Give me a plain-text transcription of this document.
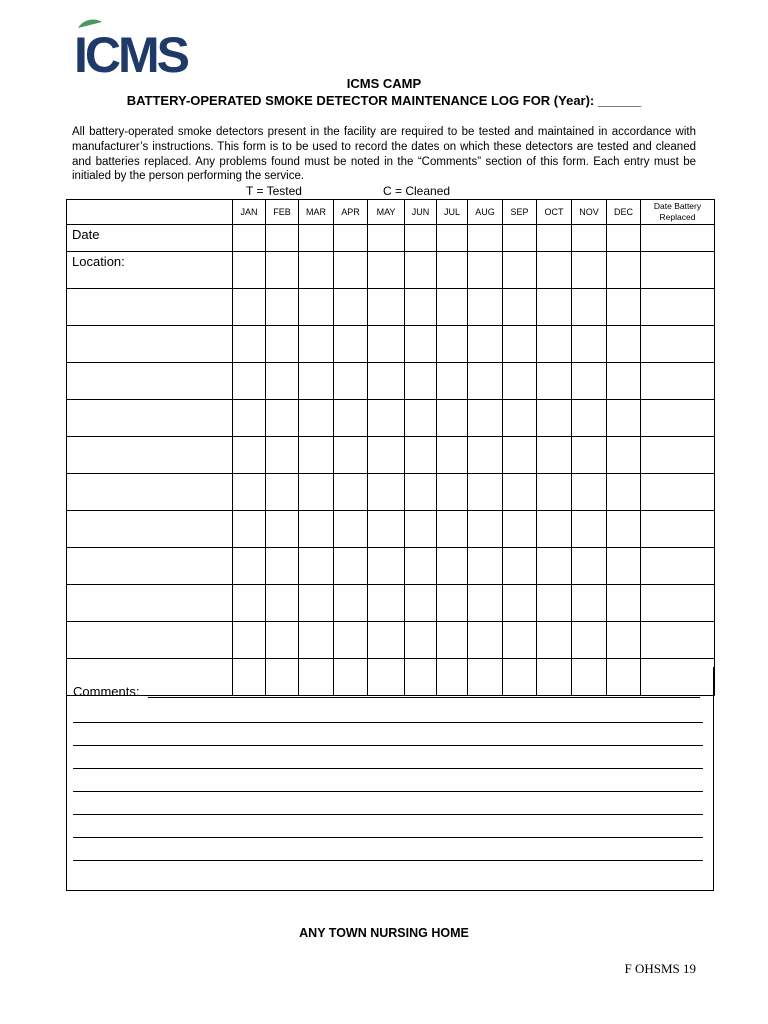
ICMS
ICMS CAMP
BATTERY-OPERATED SMOKE DETECTOR MAINTENANCE LOG FOR (Year): ______
All battery-operated smoke detectors present in the facility are required to be tested and maintained in accordance with manufacturer’s instructions. This form is to be used to record the dates on which these detectors are tested and cleaned and batteries replaced. Any problems found must be noted in the “Comments” section of this form. Each entry must be initialed by the person performing the service.
T = Tested	C = Cleaned
	JAN	FEB	MAR	APR	MAY	JUN	JUL	AUG	SEP	OCT	NOV	DEC	Date Battery Replaced
Date													
Location:													

Comments:
ANY TOWN NURSING HOME
F OHSMS 19
